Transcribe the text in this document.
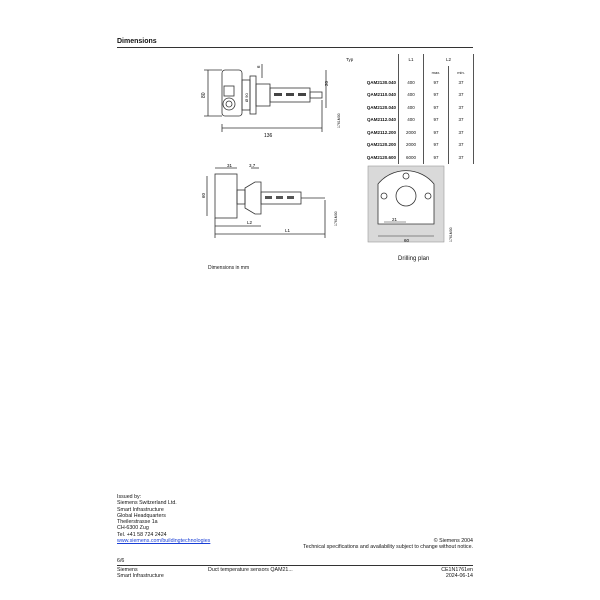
Dimensions
80
136
6
20
Ø 90
1761M00
Typ	L1	L2
max.	min.
QAM2130.040	400	97	37
QAM2110.040	400	97	37
QAM2120.040	400	97	37
QAM2112.040	400	97	37
QAM2112.200	2000	97	37
QAM2120.200	2000	97	37
QAM2120.600	6000	97	37
31	3.7
60
L2
L1
1761M00	21
60	1761M00
Drilling plan
Dimensions in mm
Issued by:
Siemens Switzerland Ltd.
Smart Infrastructure
Global Headquarters
Theilerstrasse 1a
CH-6300 Zug
Tel. +41 58 724 2424
www.siemens.com/buildingtechnologies	© Siemens 2004
Technical specifications and availability subject to change without notice.
6/6
Siemens
Smart Infrastructure
Duct temperature sensors QAM21...	CE1N1761en
2024-06-14
